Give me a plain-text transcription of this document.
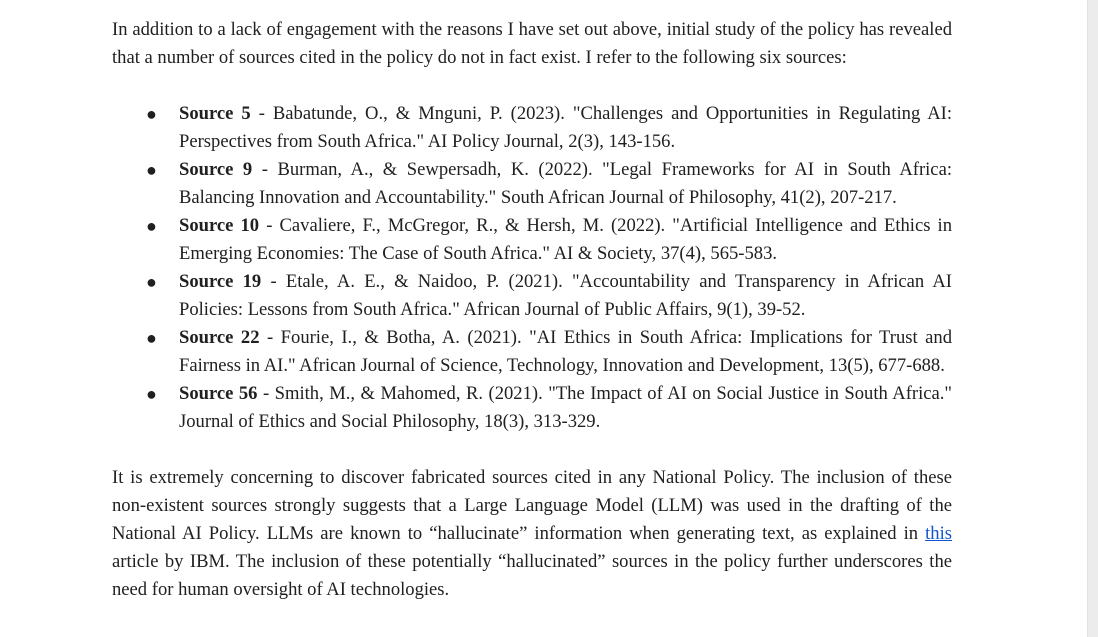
In addition to a lack of engagement with the reasons I have set out above, initial study of the policy has revealed that a number of sources cited in the policy do not in fact exist. I refer to the following six sources:

● Source 5 - Babatunde, O., & Mnguni, P. (2023). "Challenges and Opportunities in Regulating AI: Perspectives from South Africa." AI Policy Journal, 2(3), 143-156.
● Source 9 - Burman, A., & Sewpersadh, K. (2022). "Legal Frameworks for AI in South Africa: Balancing Innovation and Accountability." South African Journal of Philosophy, 41(2), 207-217.
● Source 10 - Cavaliere, F., McGregor, R., & Hersh, M. (2022). "Artificial Intelligence and Ethics in Emerging Economies: The Case of South Africa." AI & Society, 37(4), 565-583.
● Source 19 - Etale, A. E., & Naidoo, P. (2021). "Accountability and Transparency in African AI Policies: Lessons from South Africa." African Journal of Public Affairs, 9(1), 39-52.
● Source 22 - Fourie, I., & Botha, A. (2021). "AI Ethics in South Africa: Implications for Trust and Fairness in AI." African Journal of Science, Technology, Innovation and Development, 13(5), 677-688.
● Source 56 - Smith, M., & Mahomed, R. (2021). "The Impact of AI on Social Justice in South Africa." Journal of Ethics and Social Philosophy, 18(3), 313-329.

It is extremely concerning to discover fabricated sources cited in any National Policy. The inclusion of these non-existent sources strongly suggests that a Large Language Model (LLM) was used in the drafting of the National AI Policy. LLMs are known to “hallucinate” information when generating text, as explained in this article by IBM. The inclusion of these potentially “hallucinated” sources in the policy further underscores the need for human oversight of AI technologies.
